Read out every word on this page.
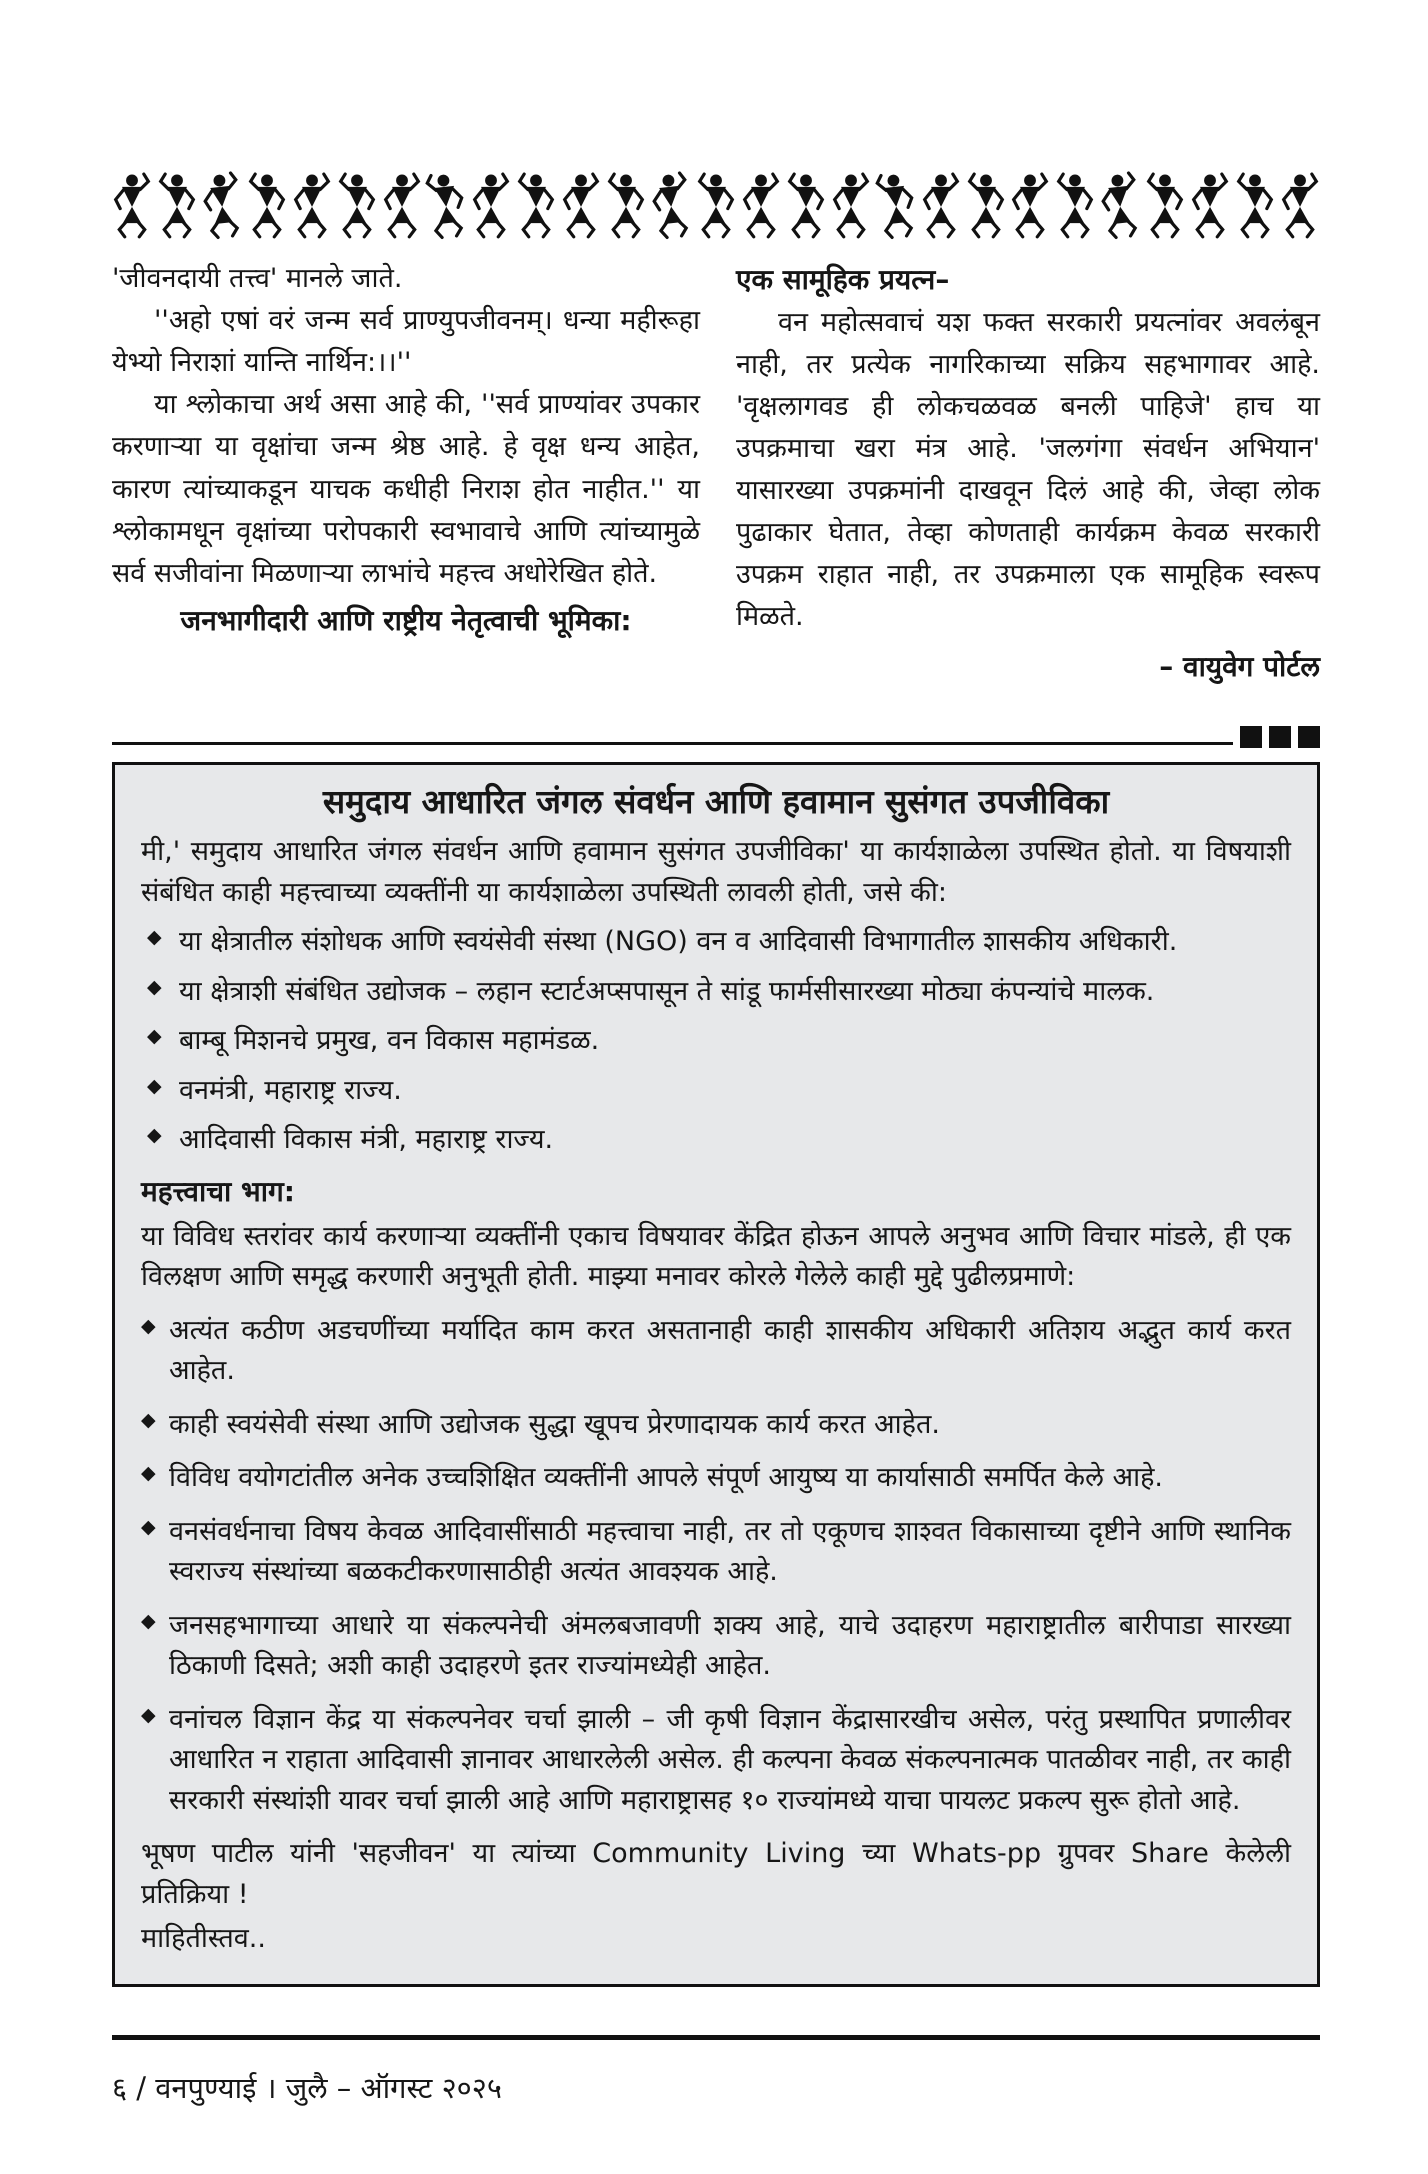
'जीवनदायी तत्त्व' मानले जाते.

''अहो एषां वरं जन्म सर्व प्राण्युपजीवनम्। धन्या महीरूहा येभ्यो निराशां यान्ति नार्थिन:।।''

या श्लोकाचा अर्थ असा आहे की, ''सर्व प्राण्यांवर उपकार करणाऱ्या या वृक्षांचा जन्म श्रेष्ठ आहे. हे वृक्ष धन्य आहेत, कारण त्यांच्याकडून याचक कधीही निराश होत नाहीत.'' या श्लोकामधून वृक्षांच्या परोपकारी स्वभावाचे आणि त्यांच्यामुळे सर्व सजीवांना मिळणाऱ्या लाभांचे महत्त्व अधोरेखित होते.

जनभागीदारी आणि राष्ट्रीय नेतृत्वाची भूमिका:

एक सामूहिक प्रयत्न–

वन महोत्सवाचं यश फक्त सरकारी प्रयत्नांवर अवलंबून नाही, तर प्रत्येक नागरिकाच्या सक्रिय सहभागावर आहे. 'वृक्षलागवड ही लोकचळवळ बनली पाहिजे' हाच या उपक्रमाचा खरा मंत्र आहे. 'जलगंगा संवर्धन अभियान' यासारख्या उपक्रमांनी दाखवून दिलं आहे की, जेव्हा लोक पुढाकार घेतात, तेव्हा कोणताही कार्यक्रम केवळ सरकारी उपक्रम राहात नाही, तर उपक्रमाला एक सामूहिक स्वरूप मिळते.

– वायुवेग पोर्टल

समुदाय आधारित जंगल संवर्धन आणि हवामान सुसंगत उपजीविका

मी,' समुदाय आधारित जंगल संवर्धन आणि हवामान सुसंगत उपजीविका' या कार्यशाळेला उपस्थित होतो. या विषयाशी संबंधित काही महत्त्वाच्या व्यक्तींनी या कार्यशाळेला उपस्थिती लावली होती, जसे की:

◆ या क्षेत्रातील संशोधक आणि स्वयंसेवी संस्था (NGO) वन व आदिवासी विभागातील शासकीय अधिकारी.
◆ या क्षेत्राशी संबंधित उद्योजक – लहान स्टार्टअप्सपासून ते सांडू फार्मसीसारख्या मोठ्या कंपन्यांचे मालक.
◆ बाम्बू मिशनचे प्रमुख, वन विकास महामंडळ.
◆ वनमंत्री, महाराष्ट्र राज्य.
◆ आदिवासी विकास मंत्री, महाराष्ट्र राज्य.
महत्त्वाचा भाग:

या विविध स्तरांवर कार्य करणाऱ्या व्यक्तींनी एकाच विषयावर केंद्रित होऊन आपले अनुभव आणि विचार मांडले, ही एक विलक्षण आणि समृद्ध करणारी अनुभूती होती. माझ्या मनावर कोरले गेलेले काही मुद्दे पुढीलप्रमाणे:

◆ अत्यंत कठीण अडचणींच्या मर्यादित काम करत असतानाही काही शासकीय अधिकारी अतिशय अद्भुत कार्य करत आहेत.
◆ काही स्वयंसेवी संस्था आणि उद्योजक सुद्धा खूपच प्रेरणादायक कार्य करत आहेत.
◆ विविध वयोगटांतील अनेक उच्चशिक्षित व्यक्तींनी आपले संपूर्ण आयुष्य या कार्यासाठी समर्पित केले आहे.
◆ वनसंवर्धनाचा विषय केवळ आदिवासींसाठी महत्त्वाचा नाही, तर तो एकूणच शाश्वत विकासाच्या दृष्टीने आणि स्थानिक स्वराज्य संस्थांच्या बळकटीकरणासाठीही अत्यंत आवश्यक आहे.
◆ जनसहभागाच्या आधारे या संकल्पनेची अंमलबजावणी शक्य आहे, याचे उदाहरण महाराष्ट्रातील बारीपाडा सारख्या ठिकाणी दिसते; अशी काही उदाहरणे इतर राज्यांमध्येही आहेत.
◆ वनांचल विज्ञान केंद्र या संकल्पनेवर चर्चा झाली – जी कृषी विज्ञान केंद्रासारखीच असेल, परंतु प्रस्थापित प्रणालीवर आधारित न राहाता आदिवासी ज्ञानावर आधारलेली असेल. ही कल्पना केवळ संकल्पनात्मक पातळीवर नाही, तर काही सरकारी संस्थांशी यावर चर्चा झाली आहे आणि महाराष्ट्रासह १० राज्यांमध्ये याचा पायलट प्रकल्प सुरू होतो आहे.

भूषण पाटील यांनी 'सहजीवन' या त्यांच्या Community Living च्या Whats-pp ग्रुपवर Share केलेली प्रतिक्रिया !

माहितीस्तव..

६ / वनपुण्याई । जुलै – ऑगस्ट २०२५
